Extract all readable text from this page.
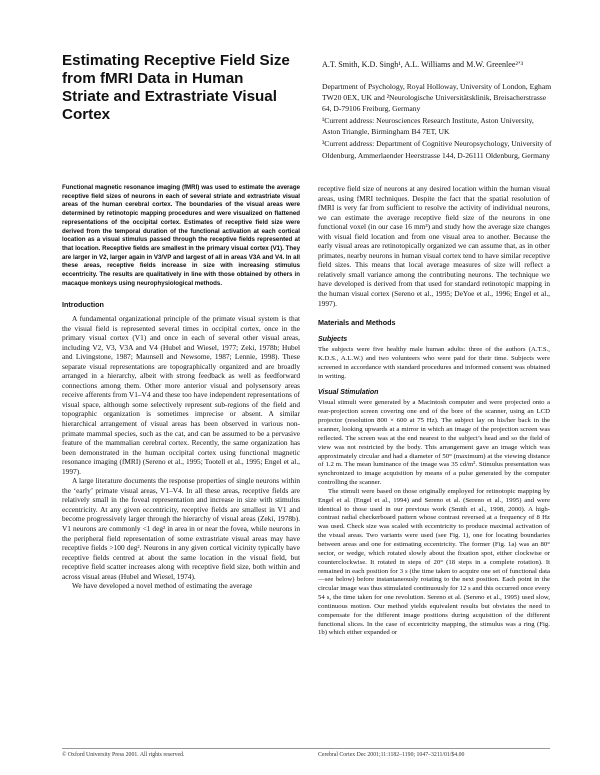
Estimating Receptive Field Size from fMRI Data in Human Striate and Extrastriate Visual Cortex
A.T. Smith, K.D. Singh¹, A.L. Williams and M.W. Greenlee²ʼ³

Department of Psychology, Royal Holloway, University of London, Egham TW20 0EX, UK and ²Neurologische Universitätsklinik, Breisacherstrasse 64, D-79106 Freiburg, Germany

¹Current address: Neurosciences Research Institute, Aston University, Aston Triangle, Birmingham B4 7ET, UK

³Current address: Department of Cognitive Neuropsychology, University of Oldenburg, Ammerlaender Heerstrasse 144, D-26111 Oldenburg, Germany

Functional magnetic resonance imaging (fMRI) was used to estimate the average receptive field sizes of neurons in each of several striate and extrastriate visual areas of the human cerebral cortex. The boundaries of the visual areas were determined by retinotopic mapping procedures and were visualized on flattened representations of the occipital cortex. Estimates of receptive field size were derived from the temporal duration of the functional activation at each cortical location as a visual stimulus passed through the receptive fields represented at that location. Receptive fields are smallest in the primary visual cortex (V1). They are larger in V2, larger again in V3/VP and largest of all in areas V3A and V4. In all these areas, receptive fields increase in size with increasing stimulus eccentricity. The results are qualitatively in line with those obtained by others in macaque monkeys using neurophysiological methods.

Introduction

A fundamental organizational principle of the primate visual system is that the visual field is represented several times in occipital cortex, once in the primary visual cortex (V1) and once in each of several other visual areas, including V2, V3, V3A and V4 (Hubel and Wiesel, 1977; Zeki, 1978b; Hubel and Livingstone, 1987; Maunsell and Newsome, 1987; Lennie, 1998). These separate visual representations are topographically organized and are broadly arranged in a hierarchy, albeit with strong feedback as well as feedforward connections among them. Other more anterior visual and polysensory areas receive afferents from V1–V4 and these too have independent representations of visual space, although some selectively represent sub-regions of the field and topographic organization is sometimes imprecise or absent. A similar hierarchical arrangement of visual areas has been observed in various non-primate mammal species, such as the cat, and can be assumed to be a pervasive feature of the mammalian cerebral cortex. Recently, the same organization has been demonstrated in the human occipital cortex using functional magnetic resonance imaging (fMRI) (Sereno et al., 1995; Tootell et al., 1995; Engel et al., 1997).

A large literature documents the response properties of single neurons within the ‘early’ primate visual areas, V1–V4. In all these areas, receptive fields are relatively small in the foveal representation and increase in size with stimulus eccentricity. At any given eccentricity, receptive fields are smallest in V1 and become progressively larger through the hierarchy of visual areas (Zeki, 1978b). V1 neurons are commonly <1 deg² in area in or near the fovea, while neurons in the peripheral field representation of some extrastriate visual areas may have receptive fields >100 deg². Neurons in any given cortical vicinity typically have receptive fields centred at about the same location in the visual field, but receptive field scatter increases along with receptive field size, both within and across visual areas (Hubel and Wiesel, 1974).

We have developed a novel method of estimating the average

receptive field size of neurons at any desired location within the human visual areas, using fMRI techniques. Despite the fact that the spatial resolution of fMRI is very far from sufficient to resolve the activity of individual neurons, we can estimate the average receptive field size of the neurons in one functional voxel (in our case 16 mm³) and study how the average size changes with visual field location and from one visual area to another. Because the early visual areas are retinotopically organized we can assume that, as in other primates, nearby neurons in human visual cortex tend to have similar receptive field sizes. This means that local average measures of size will reflect a relatively small variance among the contributing neurons. The technique we have developed is derived from that used for standard retinotopic mapping in the human visual cortex (Sereno et al., 1995; DeYoe et al., 1996; Engel et al., 1997).

Materials and Methods
Subjects

The subjects were five healthy male human adults: three of the authors (A.T.S., K.D.S., A.L.W.) and two volunteers who were paid for their time. Subjects were screened in accordance with standard procedures and informed consent was obtained in writing.

Visual Stimulation

Visual stimuli were generated by a Macintosh computer and were projected onto a rear-projection screen covering one end of the bore of the scanner, using an LCD projector (resolution 800 × 600 at 75 Hz). The subject lay on his/her back in the scanner, looking upwards at a mirror in which an image of the projection screen was reflected. The screen was at the end nearest to the subject’s head and so the field of view was not restricted by the body. This arrangement gave an image which was approximately circular and had a diameter of 50° (maximum) at the viewing distance of 1.2 m. The mean luminance of the image was 35 cd/m². Stimulus presentation was synchronized to image acquisition by means of a pulse generated by the computer controlling the scanner.

The stimuli were based on those originally employed for retinotopic mapping by Engel et al. (Engel et al., 1994) and Sereno et al. (Sereno et al., 1995) and were identical to those used in our previous work (Smith et al., 1998, 2000). A high-contrast radial checkerboard pattern whose contrast reversed at a frequency of 8 Hz was used. Check size was scaled with eccentricity to produce maximal activation of the visual areas. Two variants were used (see Fig. 1), one for locating boundaries between areas and one for estimating eccentricity. The former (Fig. 1a) was an 80° sector, or wedge, which rotated slowly about the fixation spot, either clockwise or counterclockwise. It rotated in steps of 20° (18 steps in a complete rotation). It remained in each position for 3 s (the time taken to acquire one set of functional data—see below) before instantaneously rotating to the next position. Each point in the circular image was thus stimulated continuously for 12 s and this occurred once every 54 s, the time taken for one revolution. Sereno et al. (Sereno et al., 1995) used slow, continuous motion. Our method yields equivalent results but obviates the need to compensate for the different image positions during acquisition of the different functional slices. In the case of eccentricity mapping, the stimulus was a ring (Fig. 1b) which either expanded or

© Oxford University Press 2001. All rights reserved.	Cerebral Cortex Dec 2001;11:1182–1190; 1047–3211/01/$4.00
